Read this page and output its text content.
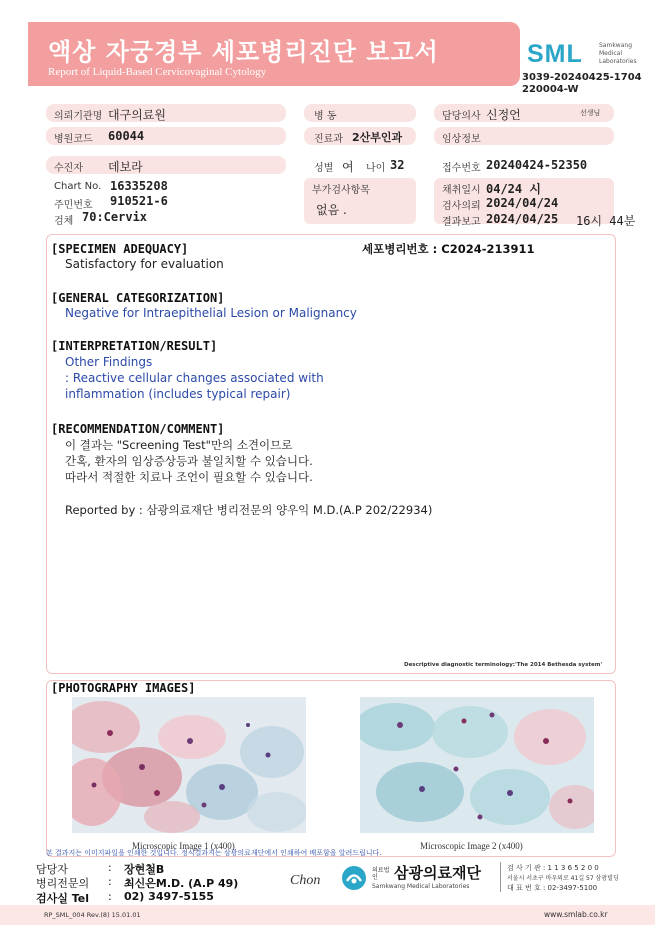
액상 자궁경부 세포병리진단 보고서
Report of Liquid-Based Cervicovaginal Cytology
SML	Samkwang
Medical
Laboratories
3039-20240425-1704
220004-W
의뢰기관명 대구의료원	병 동	담당의사 신정언	선생님
병원코드 60044	진료과 2산부인과	임상정보
수진자 데보라	성별 여 나이 32	접수번호 20240424-52350
Chart No. 16335208
주민번호 910521-6
검체 70:Cervix
부가검사항목
없음 .
채취일시 04/24 시
검사의뢰 2024/04/24
결과보고 2024/04/25 16시 44분
세포병리번호 : C2024-213911
[SPECIMEN ADEQUACY]
Satisfactory for evaluation
[GENERAL CATEGORIZATION]
Negative for Intraepithelial Lesion or Malignancy
[INTERPRETATION/RESULT]
Other Findings
: Reactive cellular changes associated with
inflammation (includes typical repair)
[RECOMMENDATION/COMMENT]
이 결과는 "Screening Test"만의 소견이므로
간혹, 환자의 임상증상등과 불일치할 수 있습니다.
따라서 적절한 치료나 조언이 필요할 수 있습니다.
Reported by : 삼광의료재단 병리전문의 양우익 M.D.(A.P 202/22934)
Descriptive diagnostic terminology:'The 2014 Bethesda system'
[PHOTOGRAPHY IMAGES]
Microscopic Image 1 (x400)	Microscopic Image 2 (x400)
본 결과지는 이미지파일을 인쇄한 것입니다. 정식결과지는 삼광의료재단에서 인쇄하여 배포함을 알려드립니다.
담당자	: 장현철B
병리전문의 : 최신은M.D. (A.P 49)
검사실 Tel : 02) 3497-5155
Chon
의료법인	삼광의료재단
Samkwang Medical Laboratories
검 사 기 관 : 1 1 3 6 5 2 0 0
서울시 서초구 바우뫼로 41길 57 삼광빌딩
대 표 번 호 : 02-3497-5100
RP_SML_004 Rev.(8) 15.01.01	www.smlab.co.kr
